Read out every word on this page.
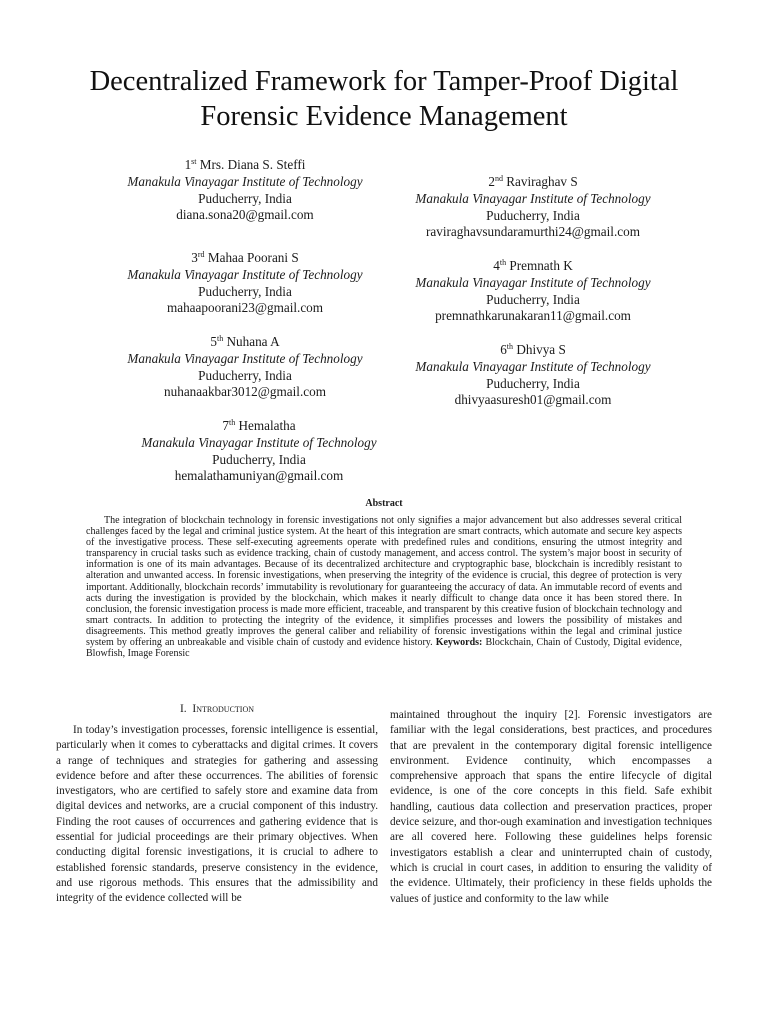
Decentralized Framework for Tamper-Proof Digital
Forensic Evidence Management
1st Mrs. Diana S. Steffi
Manakula Vinayagar Institute of Technology
Puducherry, India
diana.sona20@gmail.com
2nd Raviraghav S
Manakula Vinayagar Institute of Technology
Puducherry, India
raviraghavsundaramurthi24@gmail.com
3rd Mahaa Poorani S
Manakula Vinayagar Institute of Technology
Puducherry, India
mahaapoorani23@gmail.com
4th Premnath K
Manakula Vinayagar Institute of Technology
Puducherry, India
premnathkarunakaran11@gmail.com
5th Nuhana A
Manakula Vinayagar Institute of Technology
Puducherry, India
nuhanaakbar3012@gmail.com
6th Dhivya S
Manakula Vinayagar Institute of Technology
Puducherry, India
dhivyaasuresh01@gmail.com
7th Hemalatha
Manakula Vinayagar Institute of Technology
Puducherry, India
hemalathamuniyan@gmail.com
Abstract
The integration of blockchain technology in forensic investigations not only signifies a major advancement but also addresses several critical challenges faced by the legal and criminal justice system. At the heart of this integration are smart contracts, which automate and secure key aspects of the investigative process. These self-executing agreements operate with predefined rules and conditions, ensuring the utmost integrity and transparency in crucial tasks such as evidence tracking, chain of custody management, and access control. The system’s major boost in security of information is one of its main advantages. Because of its decentralized architecture and cryptographic base, blockchain is incredibly resistant to alteration and unwanted access. In forensic investigations, when preserving the integrity of the evidence is crucial, this degree of protection is very important. Additionally, blockchain records’ immutability is revolutionary for guaranteeing the accuracy of data. An immutable record of events and acts during the investigation is provided by the blockchain, which makes it nearly difficult to change data once it has been stored there. In conclusion, the forensic investigation process is made more efficient, traceable, and transparent by this creative fusion of blockchain technology and smart contracts. In addition to protecting the integrity of the evidence, it simplifies processes and lowers the possibility of mistakes and disagreements. This method greatly improves the general caliber and reliability of forensic investigations within the legal and criminal justice system by offering an unbreakable and visible chain of custody and evidence history. Keywords: Blockchain, Chain of Custody, Digital evidence, Blowfish, Image Forensic
I. Introduction
In today’s investigation processes, forensic intelligence is essential, particularly when it comes to cyberattacks and digital crimes. It covers a range of techniques and strategies for gathering and assessing evidence before and after these occurrences. The abilities of forensic investigators, who are certified to safely store and examine data from digital devices and networks, are a crucial component of this industry. Finding the root causes of occurrences and gathering evidence that is essential for judicial proceedings are their primary objectives. When conducting digital forensic investigations, it is crucial to adhere to established forensic standards, preserve consistency in the evidence, and use rigorous methods. This ensures that the admissibility and integrity of the evidence collected will be
maintained throughout the inquiry [2]. Forensic investigators are familiar with the legal considerations, best practices, and procedures that are prevalent in the contemporary digital forensic intelligence environment. Evidence continuity, which encompasses a comprehensive approach that spans the entire lifecycle of digital evidence, is one of the core concepts in this field. Safe exhibit handling, cautious data collection and preservation practices, proper device seizure, and thor-ough examination and investigation techniques are all covered here. Following these guidelines helps forensic investigators establish a clear and uninterrupted chain of custody, which is crucial in court cases, in addition to ensuring the validity of the evidence. Ultimately, their proficiency in these fields upholds the values of justice and conformity to the law while
